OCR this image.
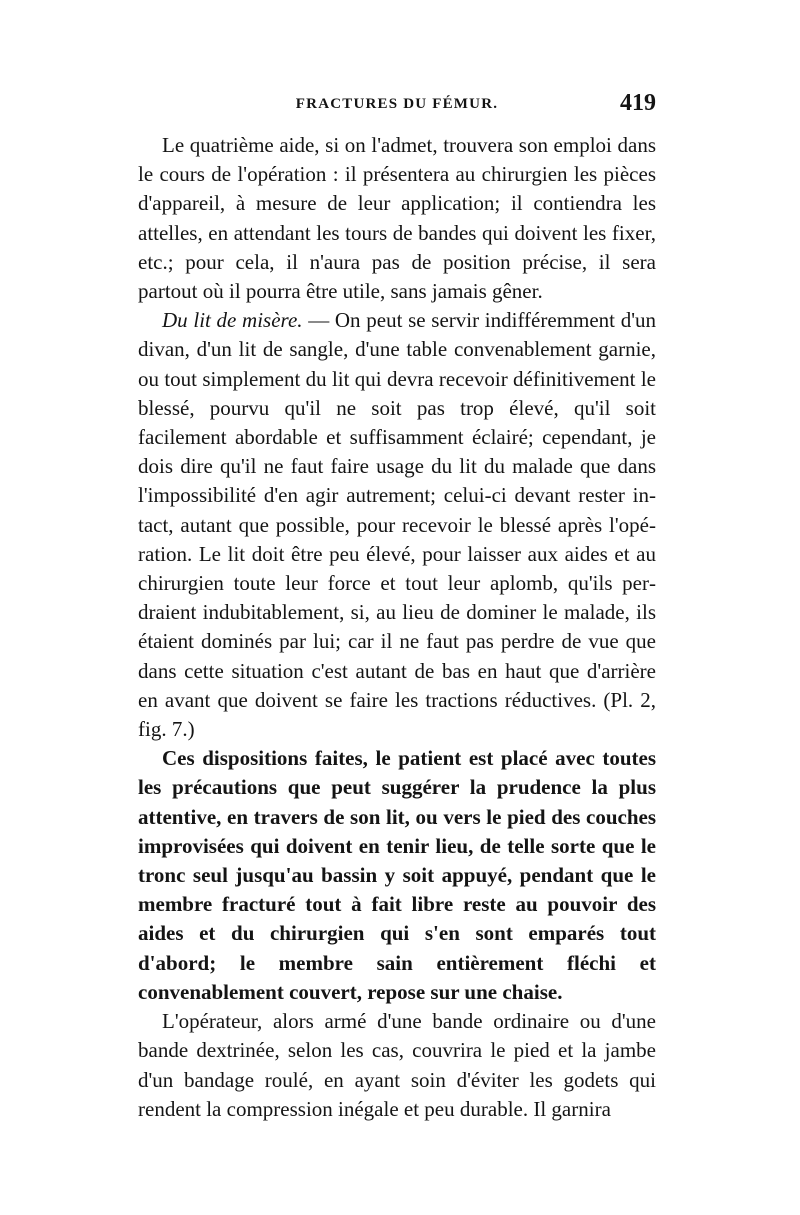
FRACTURES DU FÉMUR.	419

Le quatrième aide, si on l'admet, trouvera son emploi dans le cours de l'opération : il présentera au chirurgien les pièces d'appareil, à mesure de leur application; il contiendra les attelles, en attendant les tours de bandes qui doivent les fixer, etc.; pour cela, il n'aura pas de position précise, il sera partout où il pourra être utile, sans jamais gêner.

Du lit de misère. — On peut se servir indifféremment d'un divan, d'un lit de sangle, d'une table convenablement garnie, ou tout simplement du lit qui devra recevoir définitivement le blessé, pourvu qu'il ne soit pas trop élevé, qu'il soit facilement abordable et suffisamment éclairé; cependant, je dois dire qu'il ne faut faire usage du lit du malade que dans l'impossibilité d'en agir autrement; celui-ci devant rester intact, autant que possible, pour recevoir le blessé après l'opération. Le lit doit être peu élevé, pour laisser aux aides et au chirurgien toute leur force et tout leur aplomb, qu'ils perdraient indubitablement, si, au lieu de dominer le malade, ils étaient dominés par lui; car il ne faut pas perdre de vue que dans cette situation c'est autant de bas en haut que d'arrière en avant que doivent se faire les tractions réductives. (Pl. 2, fig. 7.)

Ces dispositions faites, le patient est placé avec toutes les précautions que peut suggérer la prudence la plus attentive, en travers de son lit, ou vers le pied des couches improvisées qui doivent en tenir lieu, de telle sorte que le tronc seul jusqu'au bassin y soit appuyé, pendant que le membre fracturé tout à fait libre reste au pouvoir des aides et du chirurgien qui s'en sont emparés tout d'abord; le membre sain entièrement fléchi et convenablement couvert, repose sur une chaise.

L'opérateur, alors armé d'une bande ordinaire ou d'une bande dextrinée, selon les cas, couvrira le pied et la jambe d'un bandage roulé, en ayant soin d'éviter les godets qui rendent la compression inégale et peu durable. Il garnira
